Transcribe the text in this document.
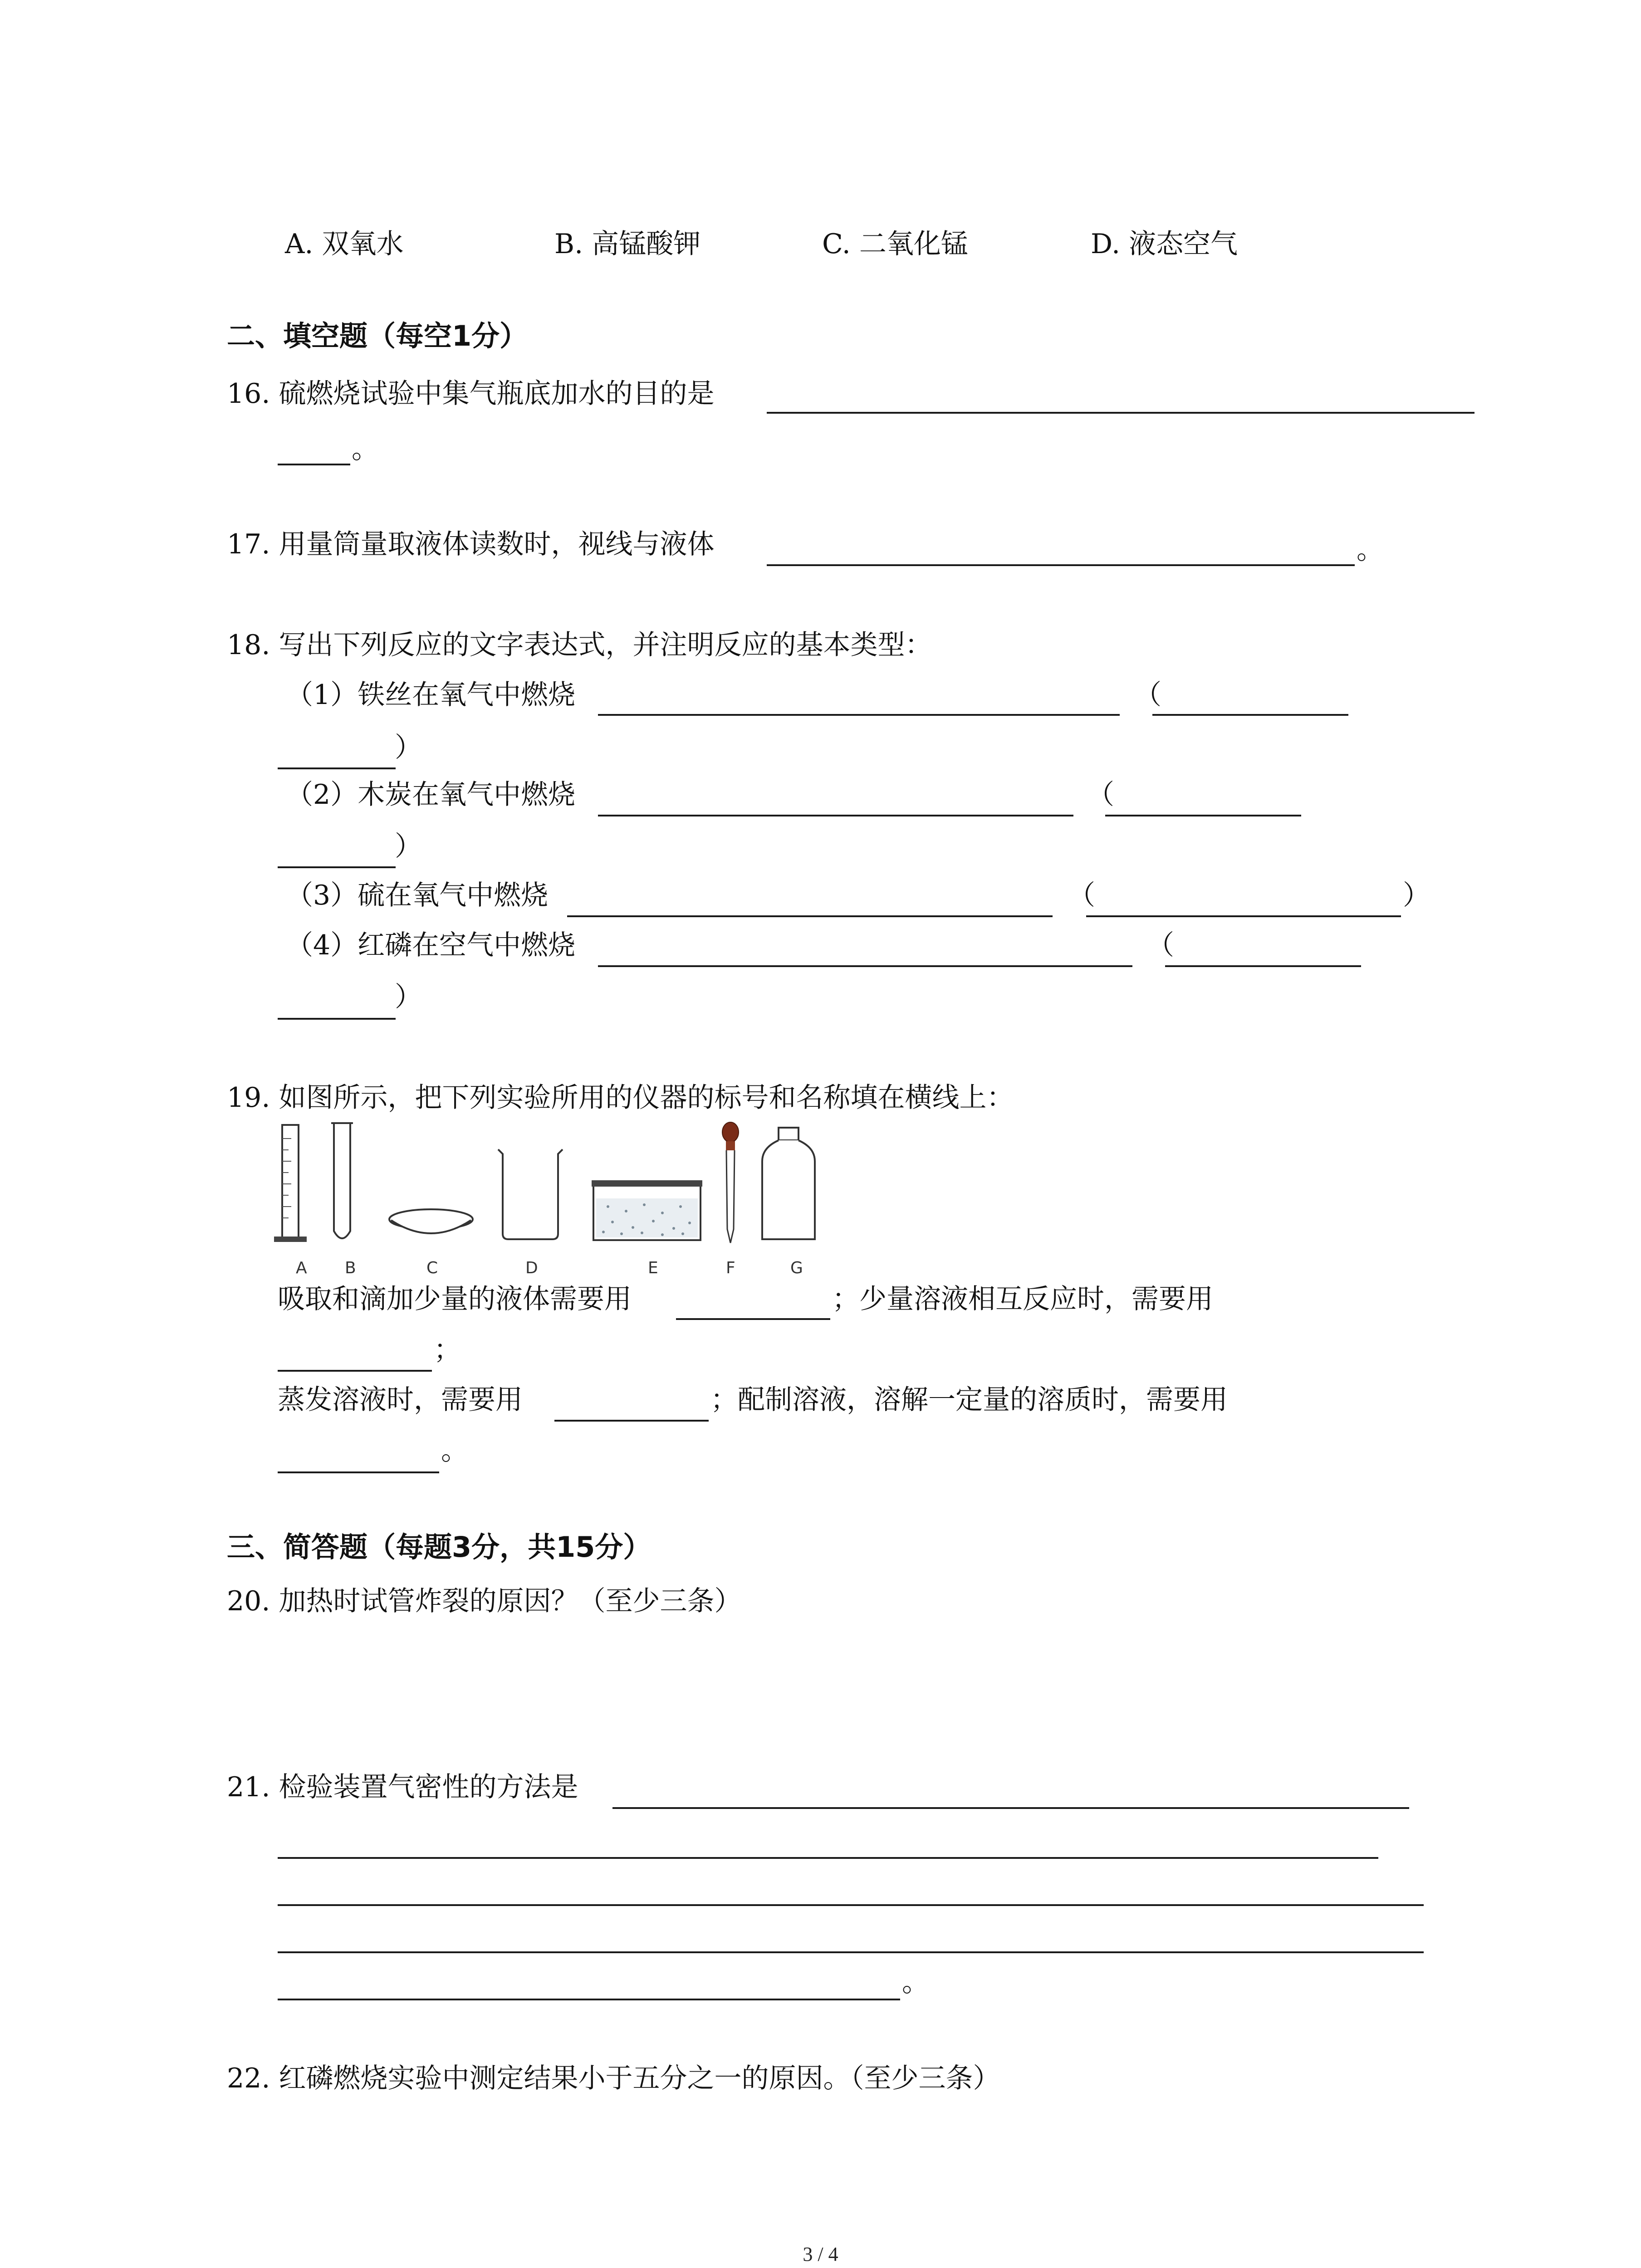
A. 双氧水	B. 高锰酸钾	C. 二氧化锰	D. 液态空气
二、填空题（每空1分）
16. 硫燃烧试验中集气瓶底加水的目的是
。
17. 用量筒量取液体读数时，视线与液体	。
18. 写出下列反应的文字表达式，并注明反应的基本类型：
（1）铁丝在氧气中燃烧	（
）
（2）木炭在氧气中燃烧	（
）
（3）硫在氧气中燃烧	（	）
（4）红磷在空气中燃烧	（
）
19. 如图所示，把下列实验所用的仪器的标号和名称填在横线上：
A B	C	D	E	F	G
吸取和滴加少量的液体需要用	；少量溶液相互反应时，需要用
；
蒸发溶液时，需要用	；配制溶液，溶解一定量的溶质时，需要用
。
三、简答题（每题3分，共15分）
20. 加热时试管炸裂的原因？（至少三条）
21. 检验装置气密性的方法是
。
22. 红磷燃烧实验中测定结果小于五分之一的原因。（至少三条）
3 / 4
